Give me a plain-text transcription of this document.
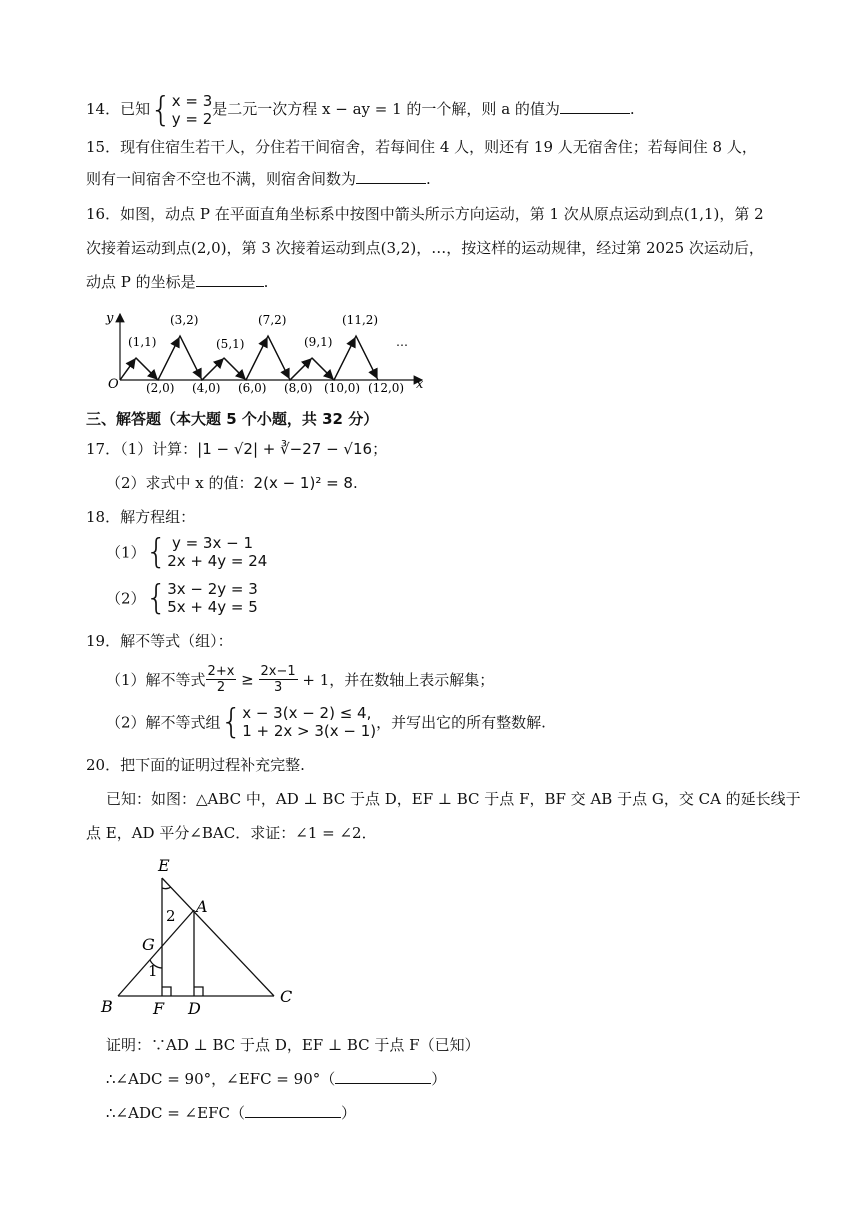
14．已知{ x = 3
y = 2
是二元一次方程 x − ay = 1 的一个解，则 a 的值为	.
15．现有住宿生若干人，分住若干间宿舍，若每间住 4 人，则还有 19 人无宿舍住；若每间住 8 人，
则有一间宿舍不空也不满，则宿舍间数为	.
16．如图，动点 P 在平面直角坐标系中按图中箭头所示方向运动，第 1 次从原点运动到点(1,1)，第 2
次接着运动到点(2,0)，第 3 次接着运动到点(3,2)，…，按这样的运动规律，经过第 2025 次运动后，
动点 P 的坐标是	.
y
x
O
(1,1)
(3,2)
(5,1)
(7,2)
(9,1)
(11,2)
…
(2,0) (4,0) (6,0) (8,0) (10,0) (12,0)
三、解答题（本大题 5 个小题，共 32 分）
17．（1）计算：|1 − √2| + ∛−27 − √16；
（2）求式中 x 的值：2(x − 1)² = 8.
18．解方程组：
（1）{ y = 3x − 1
2x + 4y = 24
（2）{ 3x − 2y = 3
5x + 4y = 5
19．解不等式（组）：
（1）解不等式 $\frac{2+x}{2} \ge \frac{2x-1}{3} + 1$，并在数轴上表示解集；
（2）解不等式组{ x − 3(x − 2) ≤ 4,
1 + 2x > 3(x − 1) ，并写出它的所有整数解.
20．把下面的证明过程补充完整.
已知：如图：△ABC 中，AD ⊥ BC 于点 D，EF ⊥ BC 于点 F，BF 交 AB 于点 G，交 CA 的延长线于
点 E，AD 平分∠BAC．求证：∠1 = ∠2．
E
A
G
B	F D
C
2
1
证明：∵AD ⊥ BC 于点 D，EF ⊥ BC 于点 F（已知）
∴∠ADC = 90°，∠EFC = 90°（	）
∴∠ADC = ∠EFC（	）
